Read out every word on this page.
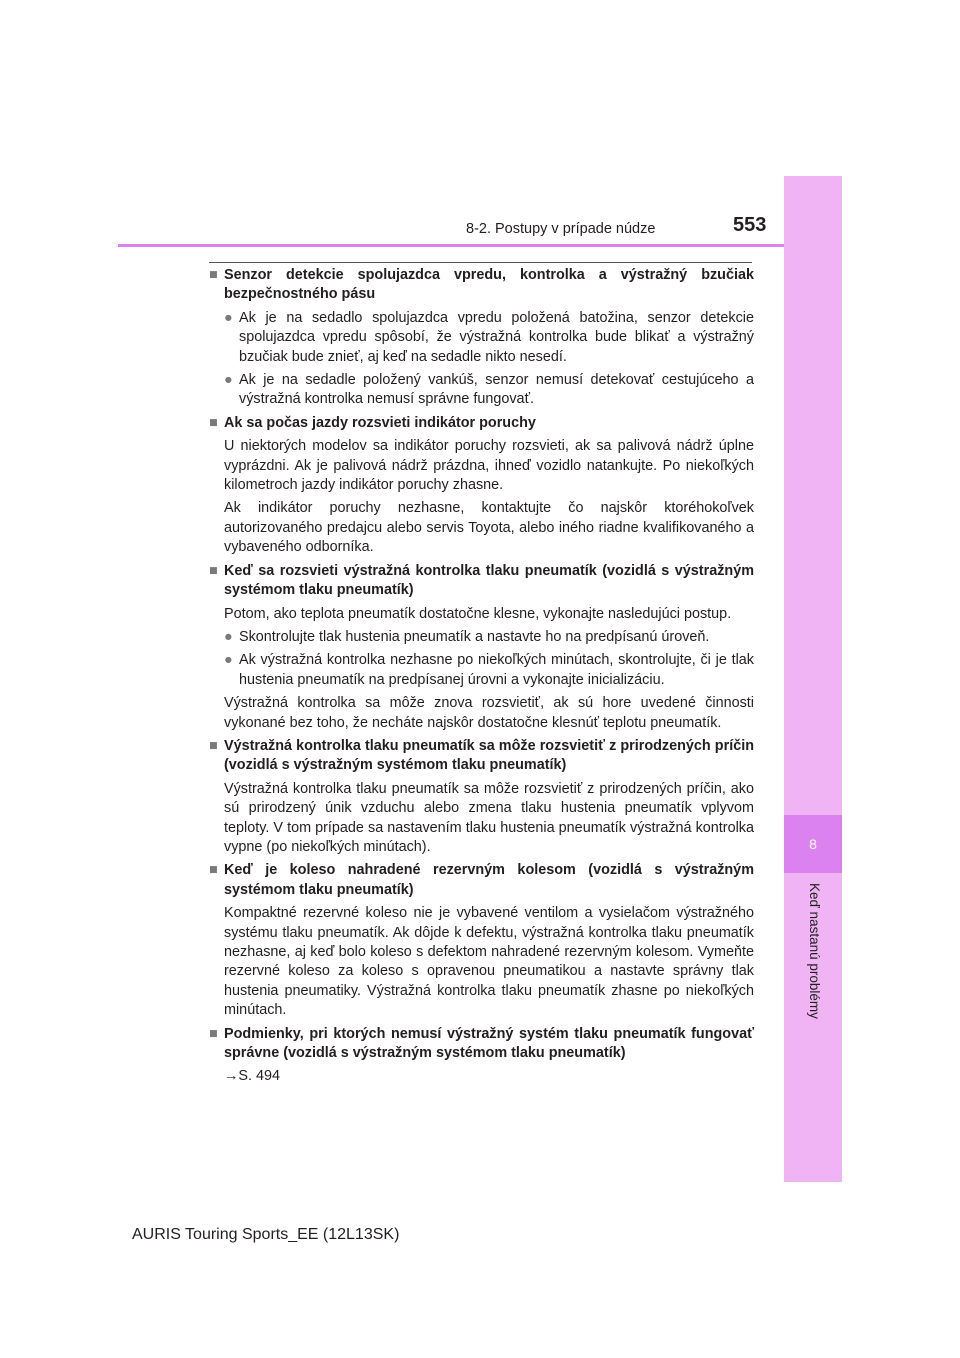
8
Keď nastanú problémy
8-2. Postupy v prípade núdze	553
■ Senzor detekcie spolujazdca vpredu, kontrolka a výstražný bzučiak bezpečnostného pásu
● Ak je na sedadlo spolujazdca vpredu položená batožina, senzor detekcie spolujazdca vpredu spôsobí, že výstražná kontrolka bude blikať a výstražný bzučiak bude znieť, aj keď na sedadle nikto nesedí.
● Ak je na sedadle položený vankúš, senzor nemusí detekovať cestujúceho a výstražná kontrolka nemusí správne fungovať.
■ Ak sa počas jazdy rozsvieti indikátor poruchy
U niektorých modelov sa indikátor poruchy rozsvieti, ak sa palivová nádrž úplne vyprázdni. Ak je palivová nádrž prázdna, ihneď vozidlo natankujte. Po niekoľkých kilometroch jazdy indikátor poruchy zhasne.
Ak indikátor poruchy nezhasne, kontaktujte čo najskôr ktoréhokoľvek autorizovaného predajcu alebo servis Toyota, alebo iného riadne kvalifikovaného a vybaveného odborníka.
■ Keď sa rozsvieti výstražná kontrolka tlaku pneumatík (vozidlá s výstražným systémom tlaku pneumatík)
Potom, ako teplota pneumatík dostatočne klesne, vykonajte nasledujúci postup.
● Skontrolujte tlak hustenia pneumatík a nastavte ho na predpísanú úroveň.
● Ak výstražná kontrolka nezhasne po niekoľkých minútach, skontrolujte, či je tlak hustenia pneumatík na predpísanej úrovni a vykonajte inicializáciu.
Výstražná kontrolka sa môže znova rozsvietiť, ak sú hore uvedené činnosti vykonané bez toho, že necháte najskôr dostatočne klesnúť teplotu pneumatík.
■ Výstražná kontrolka tlaku pneumatík sa môže rozsvietiť z prirodzených príčin (vozidlá s výstražným systémom tlaku pneumatík)
Výstražná kontrolka tlaku pneumatík sa môže rozsvietiť z prirodzených príčin, ako sú prirodzený únik vzduchu alebo zmena tlaku hustenia pneumatík vplyvom teploty. V tom prípade sa nastavením tlaku hustenia pneumatík výstražná kontrolka vypne (po niekoľkých minútach).
■ Keď je koleso nahradené rezervným kolesom (vozidlá s výstražným systémom tlaku pneumatík)
Kompaktné rezervné koleso nie je vybavené ventilom a vysielačom výstražného systému tlaku pneumatík. Ak dôjde k defektu, výstražná kontrolka tlaku pneumatík nezhasne, aj keď bolo koleso s defektom nahradené rezervným kolesom. Vymeňte rezervné koleso za koleso s opravenou pneumatikou a nastavte správny tlak hustenia pneumatiky. Výstražná kontrolka tlaku pneumatík zhasne po niekoľkých minútach.
■ Podmienky, pri ktorých nemusí výstražný systém tlaku pneumatík fungovať správne (vozidlá s výstražným systémom tlaku pneumatík)
→S. 494
AURIS Touring Sports_EE (12L13SK)
